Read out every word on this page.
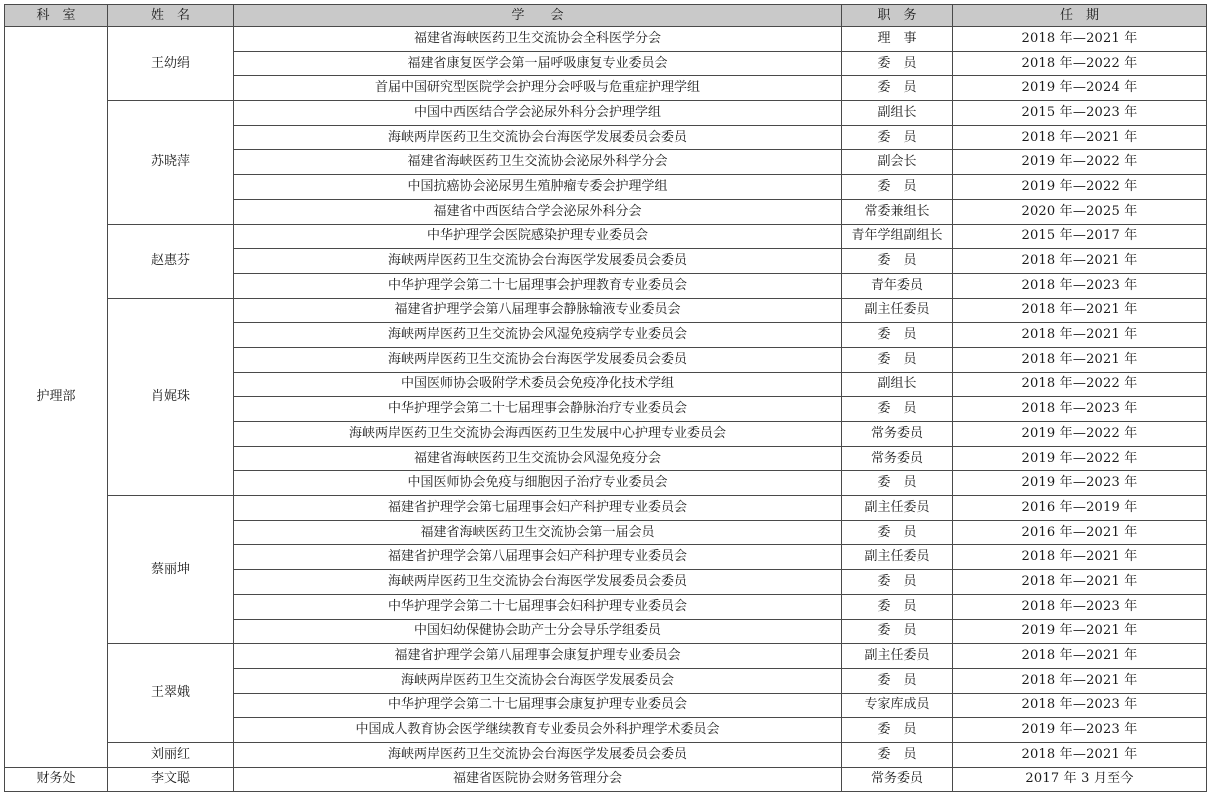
科　室	姓　名	学　　会	职　务	任　期
护理部	王幼绢	福建省海峡医药卫生交流协会全科医学分会	理　事	2018 年—2021 年
		福建省康复医学会第一届呼吸康复专业委员会	委　员	2018 年—2022 年
		首届中国研究型医院学会护理分会呼吸与危重症护理学组	委　员	2019 年—2024 年
	苏晓萍	中国中西医结合学会泌尿外科分会护理学组	副组长	2015 年—2023 年
		海峡两岸医药卫生交流协会台海医学发展委员会委员	委　员	2018 年—2021 年
		福建省海峡医药卫生交流协会泌尿外科学分会	副会长	2019 年—2022 年
		中国抗癌协会泌尿男生殖肿瘤专委会护理学组	委　员	2019 年—2022 年
		福建省中西医结合学会泌尿外科分会	常委兼组长	2020 年—2025 年
	赵惠芬	中华护理学会医院感染护理专业委员会	青年学组副组长	2015 年—2017 年
		海峡两岸医药卫生交流协会台海医学发展委员会委员	委　员	2018 年—2021 年
		中华护理学会第二十七届理事会护理教育专业委员会	青年委员	2018 年—2023 年
	肖娓珠	福建省护理学会第八届理事会静脉输液专业委员会	副主任委员	2018 年—2021 年
		海峡两岸医药卫生交流协会风湿免疫病学专业委员会	委　员	2018 年—2021 年
		海峡两岸医药卫生交流协会台海医学发展委员会委员	委　员	2018 年—2021 年
		中国医师协会吸附学术委员会免疫净化技术学组	副组长	2018 年—2022 年
		中华护理学会第二十七届理事会静脉治疗专业委员会	委　员	2018 年—2023 年
		海峡两岸医药卫生交流协会海西医药卫生发展中心护理专业委员会	常务委员	2019 年—2022 年
		福建省海峡医药卫生交流协会风湿免疫分会	常务委员	2019 年—2022 年
		中国医师协会免疫与细胞因子治疗专业委员会	委　员	2019 年—2023 年
	蔡丽坤	福建省护理学会第七届理事会妇产科护理专业委员会	副主任委员	2016 年—2019 年
		福建省海峡医药卫生交流协会第一届会员	委　员	2016 年—2021 年
		福建省护理学会第八届理事会妇产科护理专业委员会	副主任委员	2018 年—2021 年
		海峡两岸医药卫生交流协会台海医学发展委员会委员	委　员	2018 年—2021 年
		中华护理学会第二十七届理事会妇科护理专业委员会	委　员	2018 年—2023 年
		中国妇幼保健协会助产士分会导乐学组委员	委　员	2019 年—2021 年
	王翠娥	福建省护理学会第八届理事会康复护理专业委员会	副主任委员	2018 年—2021 年
		海峡两岸医药卫生交流协会台海医学发展委员会	委　员	2018 年—2021 年
		中华护理学会第二十七届理事会康复护理专业委员会	专家库成员	2018 年—2023 年
		中国成人教育协会医学继续教育专业委员会外科护理学术委员会	委　员	2019 年—2023 年
	刘丽红	海峡两岸医药卫生交流协会台海医学发展委员会委员	委　员	2018 年—2021 年
财务处	李文聪	福建省医院协会财务管理分会	常务委员	2017 年 3 月至今
